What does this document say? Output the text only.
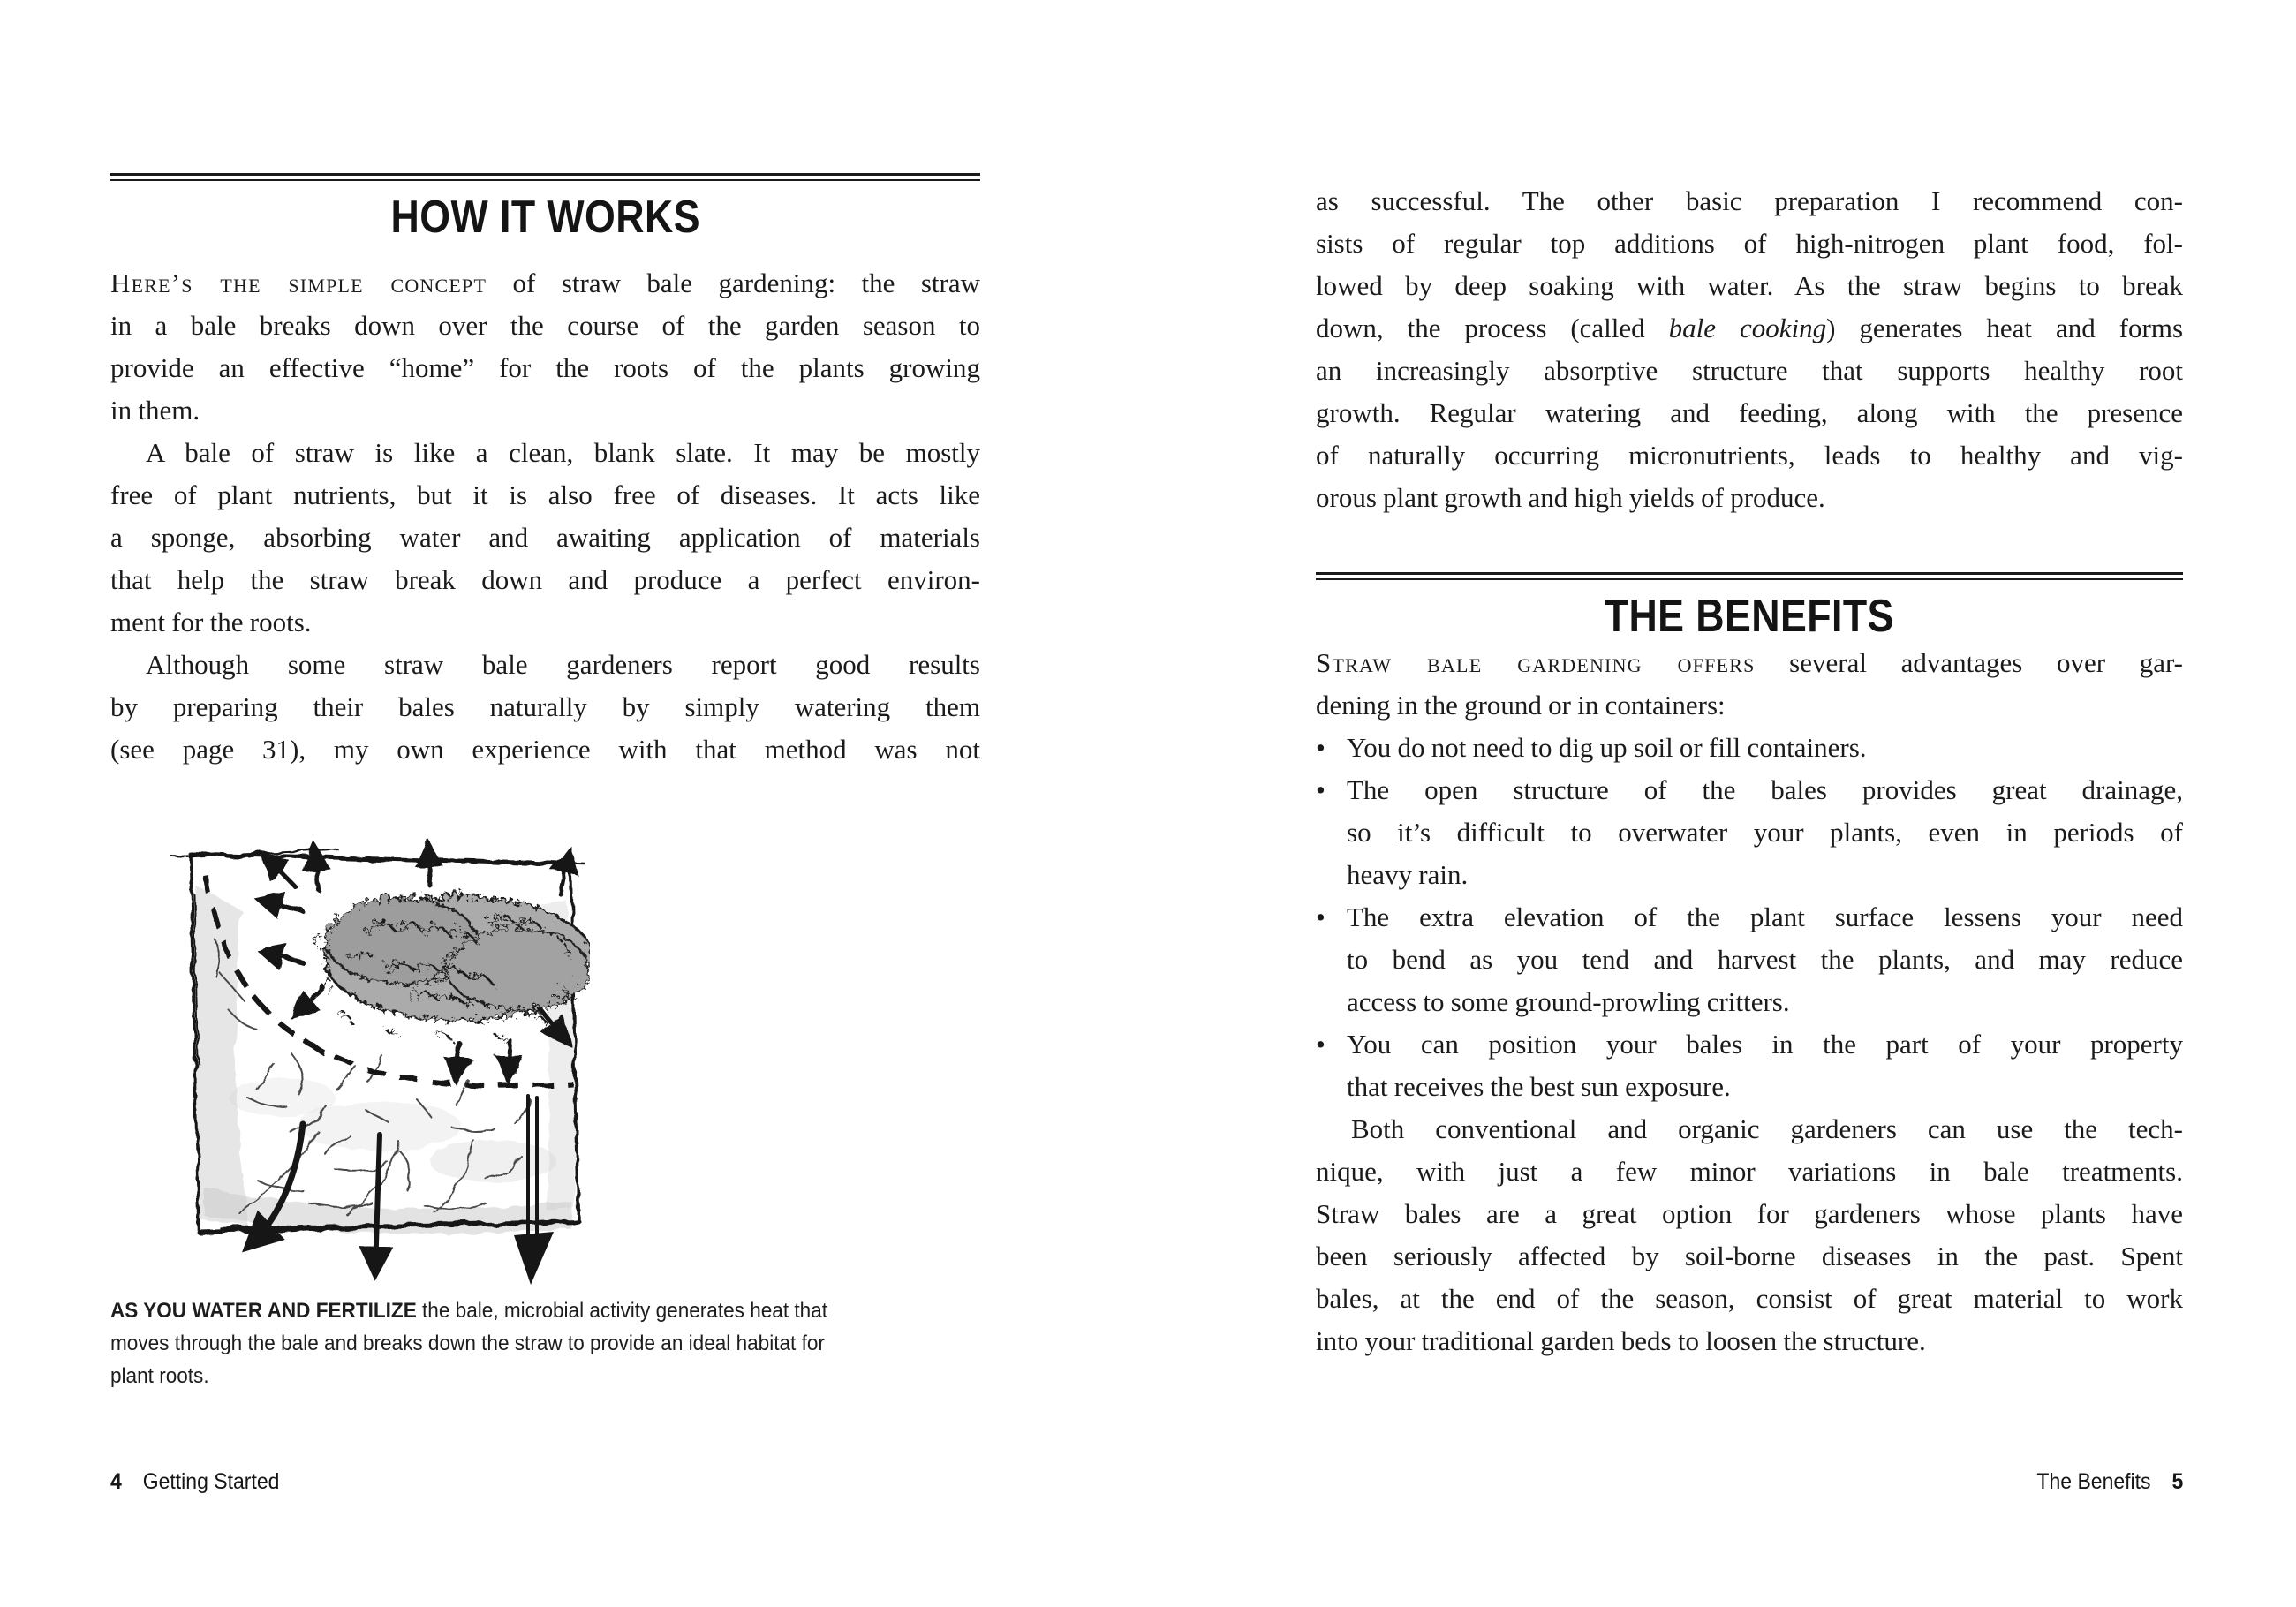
HOW IT WORKS
Here’s the simple concept of straw bale gardening: the straw
in a bale breaks down over the course of the garden season to
provide an effective “home” for the roots of the plants growing
in them.
A bale of straw is like a clean, blank slate. It may be mostly
free of plant nutrients, but it is also free of diseases. It acts like
a sponge, absorbing water and awaiting application of materials
that help the straw break down and produce a perfect environ-
ment for the roots.
Although some straw bale gardeners report good results
by preparing their bales naturally by simply watering them
(see page 31), my own experience with that method was not
AS YOU WATER AND FERTILIZE the bale, microbial activity generates heat that
moves through the bale and breaks down the straw to provide an ideal habitat for
plant roots.
4 Getting Started
as successful. The other basic preparation I recommend con-
sists of regular top additions of high-nitrogen plant food, fol-
lowed by deep soaking with water. As the straw begins to break
down, the process (called bale cooking) generates heat and forms
an increasingly absorptive structure that supports healthy root
growth. Regular watering and feeding, along with the presence
of naturally occurring micronutrients, leads to healthy and vig-
orous plant growth and high yields of produce.
THE BENEFITS
Straw bale gardening offers several advantages over gar-
dening in the ground or in containers:
• You do not need to dig up soil or fill containers.
• The open structure of the bales provides great drainage,
so it’s difficult to overwater your plants, even in periods of
heavy rain.
• The extra elevation of the plant surface lessens your need
to bend as you tend and harvest the plants, and may reduce
access to some ground-prowling critters.
• You can position your bales in the part of your property
that receives the best sun exposure.
Both conventional and organic gardeners can use the tech-
nique, with just a few minor variations in bale treatments.
Straw bales are a great option for gardeners whose plants have
been seriously affected by soil-borne diseases in the past. Spent
bales, at the end of the season, consist of great material to work
into your traditional garden beds to loosen the structure.
The Benefits 5
